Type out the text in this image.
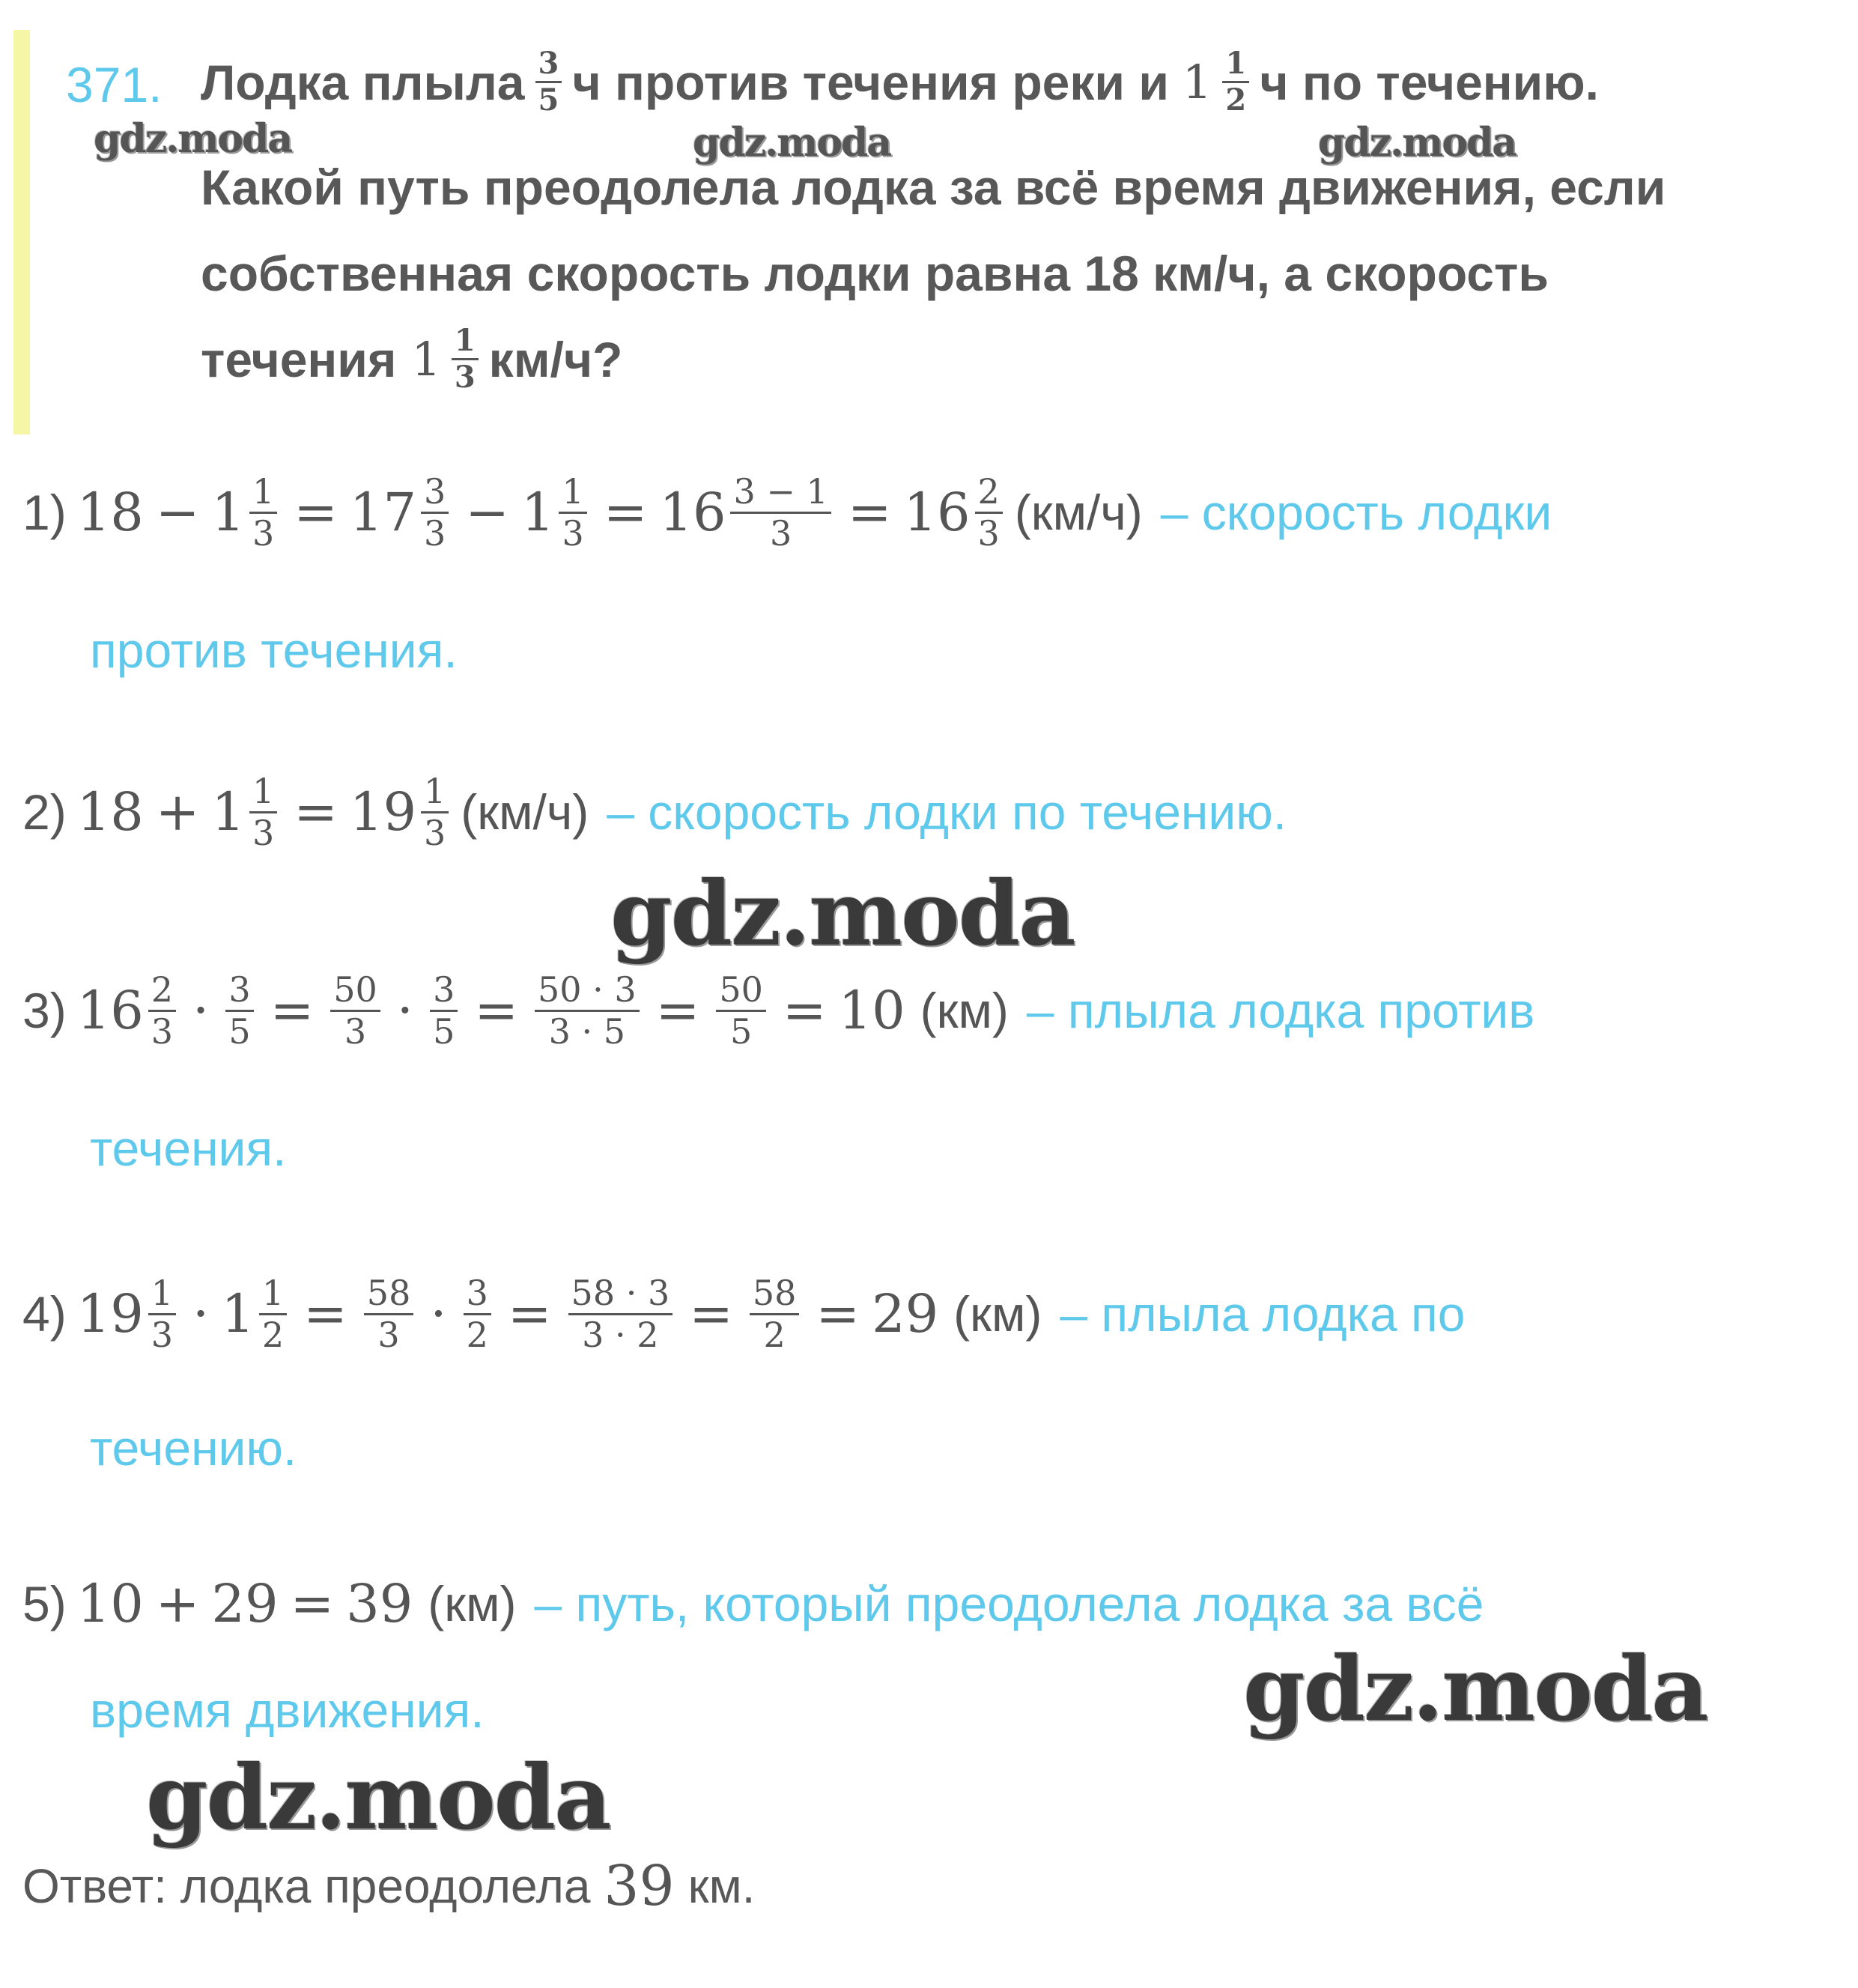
371. Лодка плыла $\frac{3}{5}$ ч против течения реки и $1 \frac{1}{2}$ ч по течению.
Какой путь преодолела лодка за всё время движения, если
собственная скорость лодки равна 18 км/ч, а скорость
течения $1 \frac{1}{3} км/ч$?
1) $18 - 1 \frac{1}{3} = 17 \frac{3}{3} - 1 \frac{1}{3} = 16 \frac{3 - 1}{3} = 16 \frac{2}{3} (км/ч)$ – скорость лодки
против течения.
2) $18 + 1 \frac{1}{3} = 19 \frac{1}{3} (км/ч)$ – скорость лодки по течению.
3) $16 \frac{2}{3} \cdot \frac{3}{5} = \frac{50}{3} \cdot \frac{3}{5} = \frac{50 \cdot 3}{3 \cdot 5} = \frac{50}{5} = 10$ (км) – плыла лодка против
течения.
4) $19 \frac{1}{3} \cdot 1 \frac{1}{2} = \frac{58}{3} \cdot \frac{3}{2} = \frac{58 \cdot 3}{3 \cdot 2} = \frac{58}{2} = 29$ (км) – плыла лодка по
течению.
5) 10 + 29 = 39 (км) – путь, который преодолела лодка за всё
время движения.
Ответ: лодка преодолела 39 км.
gdz.moda	gdz.moda	gdz.moda
gdz.moda
gdz.moda
gdz.moda
